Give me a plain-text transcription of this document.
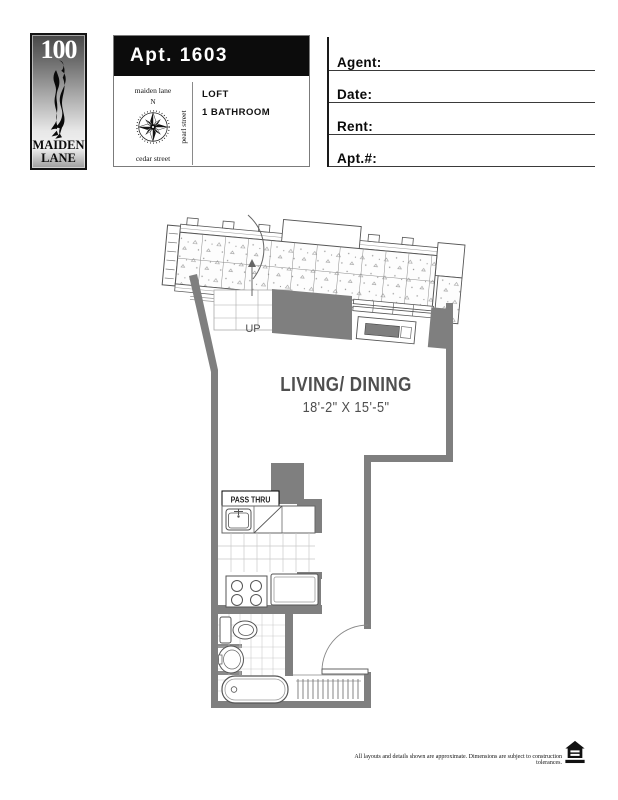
UP
PASS THRU
LIVING/ DINING
18'-2" X 15'-5"
100
MAIDEN
LANE
Apt. 1603
maiden lane
N
cedar street
pearl street
LOFT
1 BATHROOM
Agent:
Date:
Rent:
Apt.#:
All layouts and details shown are approximate. Dimensions are subject to construction tolerances.
